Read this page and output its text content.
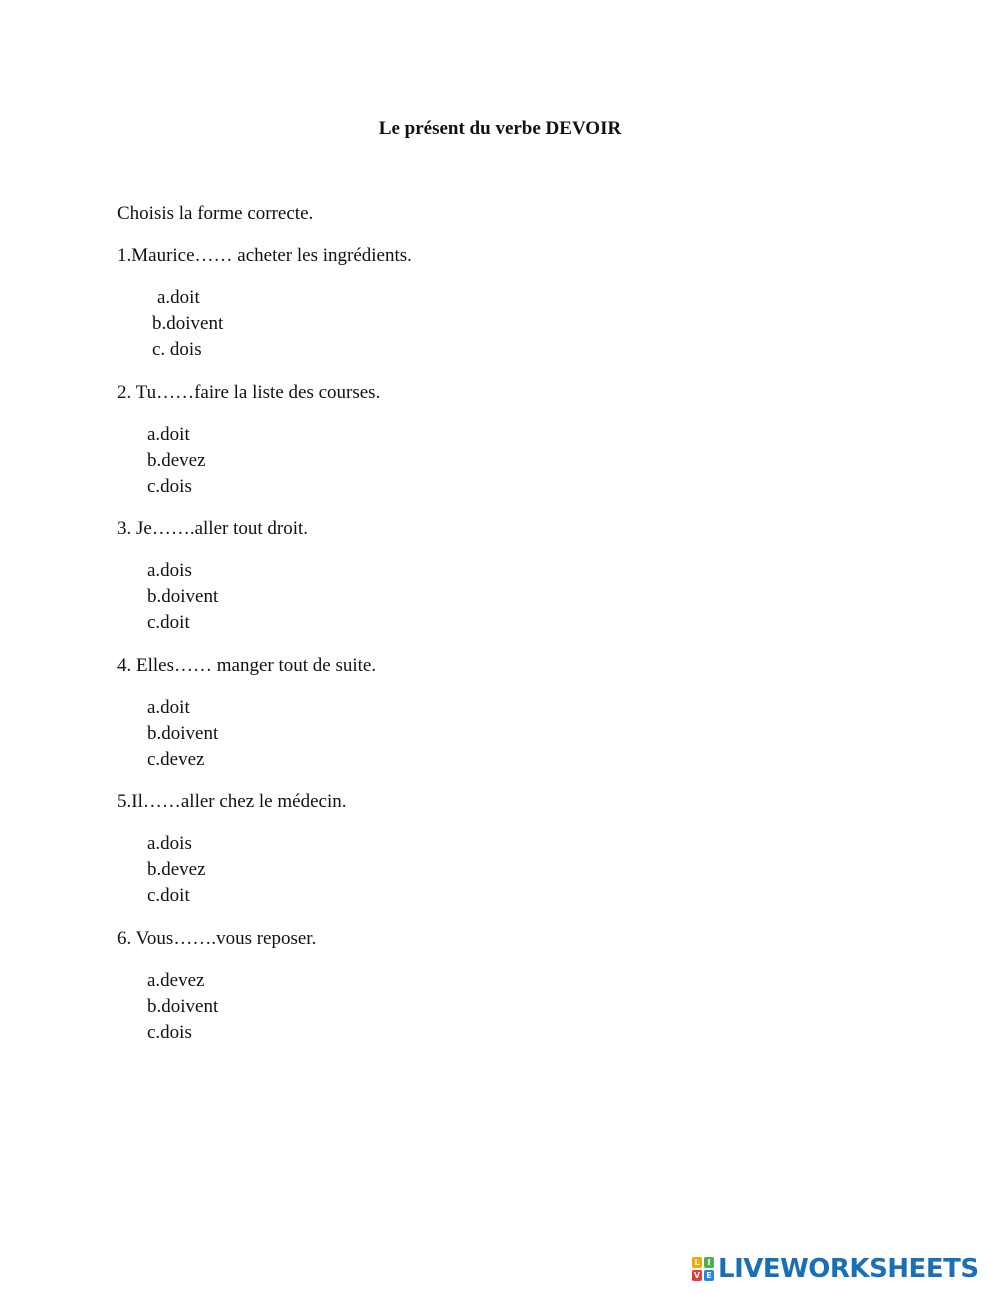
Le présent du verbe DEVOIR
Choisis la forme correcte.
1.Maurice…… acheter les ingrédients.
a.doit
b.doivent
c. dois
2. Tu……faire la liste des courses.
a.doit
b.devez
c.dois
3. Je…….aller tout droit.
a.dois
b.doivent
c.doit
4. Elles…… manger tout de suite.
a.doit
b.doivent
c.devez
5.Il……aller chez le médecin.
a.dois
b.devez
c.doit
6. Vous…….vous reposer.
a.devez
b.doivent
c.dois
L I
V E LIVEWORKSHEETS
